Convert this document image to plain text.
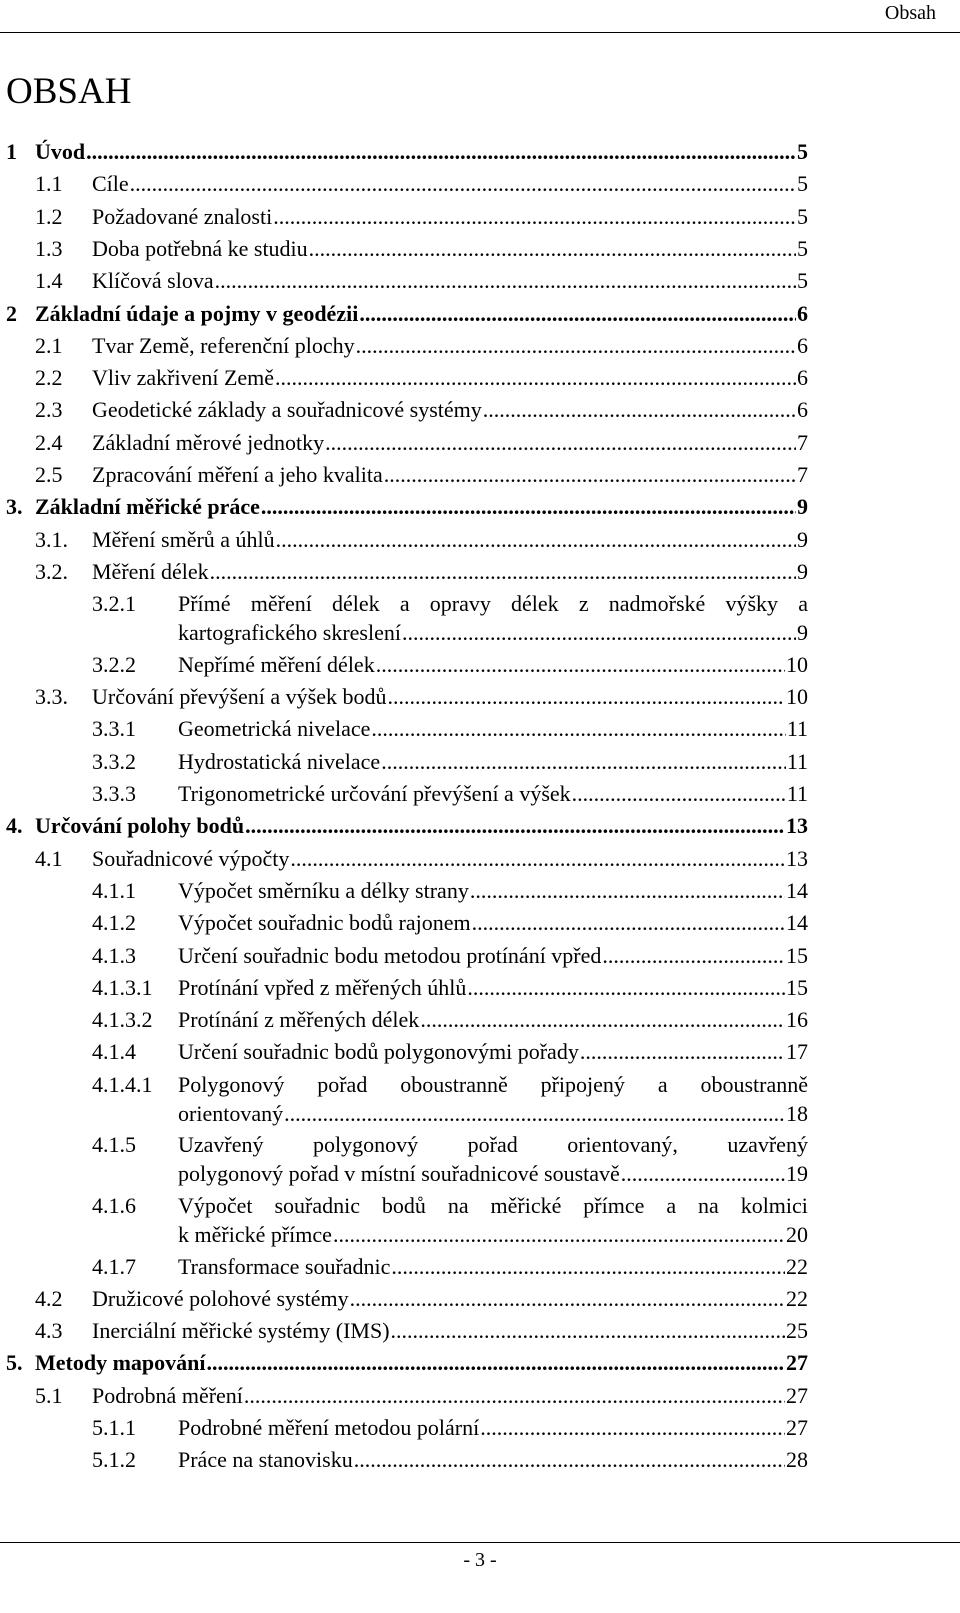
Obsah
OBSAH
1 Úvod .....	5
1.1 Cíle .....	5
1.2 Požadované znalosti .....	5
1.3 Doba potřebná ke studiu .....	5
1.4 Klíčová slova .....	5
2 Základní údaje a pojmy v geodézii .....	6
2.1 Tvar Země, referenční plochy .....	6
2.2 Vliv zakřivení Země .....	6
2.3 Geodetické základy a souřadnicové systémy .....	6
2.4 Základní měrové jednotky .....	7
2.5 Zpracování měření a jeho kvalita .....	7
3. Základní měřické práce .....	9
3.1. Měření směrů a úhlů .....	9
3.2. Měření délek .....	9
3.2.1 Přímé měření délek a opravy délek z nadmořské výšky a
kartografického skreslení .....	9
3.2.2 Nepřímé měření délek .....	10
3.3. Určování převýšení a výšek bodů .....	10
3.3.1 Geometrická nivelace .....	11
3.3.2 Hydrostatická nivelace .....	11
3.3.3 Trigonometrické určování převýšení a výšek .....	11
4. Určování polohy bodů .....	13
4.1 Souřadnicové výpočty .....	13
4.1.1 Výpočet směrníku a délky strany .....	14
4.1.2 Výpočet souřadnic bodů rajonem .....	14
4.1.3 Určení souřadnic bodu metodou protínání vpřed .....	15
4.1.3.1 Protínání vpřed z měřených úhlů .....	15
4.1.3.2 Protínání z měřených délek .....	16
4.1.4 Určení souřadnic bodů polygonovými pořady .....	17
4.1.4.1 Polygonový pořad oboustranně připojený a oboustranně
orientovaný .....	18
4.1.5 Uzavřený polygonový pořad orientovaný, uzavřený
polygonový pořad v místní souřadnicové soustavě .....	19
4.1.6 Výpočet souřadnic bodů na měřické přímce a na kolmici
k měřické přímce .....	20
4.1.7 Transformace souřadnic .....	22
4.2 Družicové polohové systémy .....	22
4.3 Inerciální měřické systémy (IMS) .....	25
5. Metody mapování .....	27
5.1 Podrobná měření .....	27
5.1.1 Podrobné měření metodou polární .....	27
5.1.2 Práce na stanovisku .....	28
- 3 -
